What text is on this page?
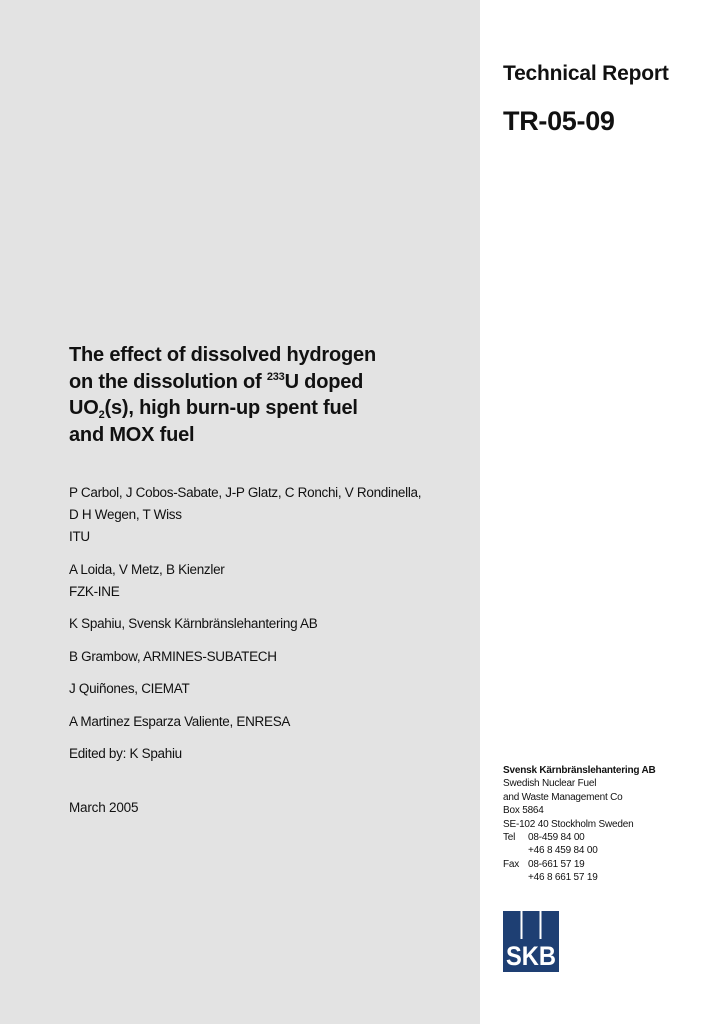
Technical Report
TR-05-09
The effect of dissolved hydrogen
on the dissolution of $^{233}$U doped
$UO_2(s)$, high burn-up spent fuel
and MOX fuel
P Carbol, J Cobos-Sabate, J-P Glatz, C Ronchi, V Rondinella,
D H Wegen, T Wiss
ITU
A Loida, V Metz, B Kienzler
FZK-INE
K Spahiu, Svensk Kärnbränslehantering AB
B Grambow, ARMINES-SUBATECH
J Quiñones, CIEMAT
A Martinez Esparza Valiente, ENRESA
Edited by: K Spahiu
March 2005
Svensk Kärnbränslehantering AB
Swedish Nuclear Fuel
and Waste Management Co
Box 5864
SE-102 40 Stockholm Sweden
Tel	08-459 84 00
+46 8 459 84 00
Fax 08-661 57 19
+46 8 661 57 19
SKB
